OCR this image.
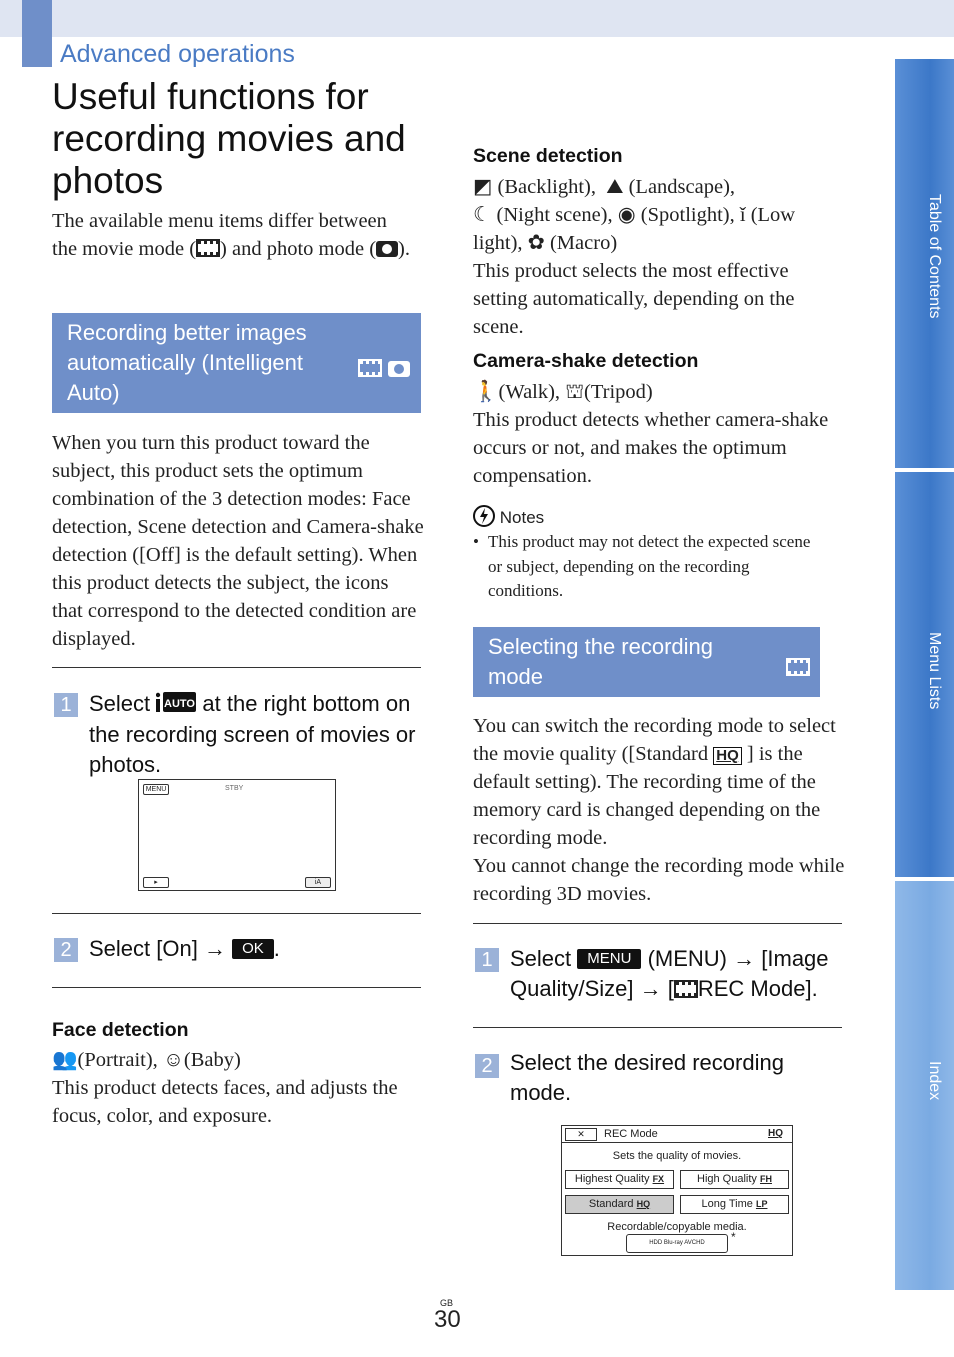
Advanced operations
Useful functions for recording movies and photos
The available menu items differ between the movie mode ( ) and photo mode ( ).
Recording better images automatically (Intelligent Auto)

When you turn this product toward the subject, this product sets the optimum combination of the 3 detection modes: Face detection, Scene detection and Camera-shake detection ([Off] is the default setting). When this product detects the subject, the icons that correspond to the detected condition are displayed.
1 Select AUTO at the right bottom on the recording screen of movies or photos.
MENU	STBY
▸	iA
2 Select [On] → OK .
Face detection
👥(Portrait), ☺(Baby)
This product detects faces, and adjusts the focus, color, and exposure.
Scene detection
◩ (Backlight), ⛰ (Landscape),
☾ (Night scene), ◉ (Spotlight), ǐ (Low light), ✿ (Macro)
This product selects the most effective setting automatically, depending on the scene.
Camera-shake detection
🚶(Walk), ⛫(Tripod)
This product detects whether camera-shake occurs or not, and makes the optimum compensation.
Notes
• This product may not detect the expected scene or subject, depending on the recording conditions.
Selecting the recording mode
You can switch the recording mode to select the movie quality ([Standard HQ ] is the default setting). The recording time of the memory card is changed depending on the recording mode.
You cannot change the recording mode while recording 3D movies.
1 Select MENU (MENU) → [Image Quality/Size] → [ REC Mode].
2 Select the desired recording mode.
✕	REC Mode	HQ
Sets the quality of movies.
Highest Quality FX	High Quality FH
Standard HQ	Long Time LP
Recordable/copyable media.
HDD Blu-ray AVCHD	*
Table of Contents
Menu Lists
Index
GB
30
